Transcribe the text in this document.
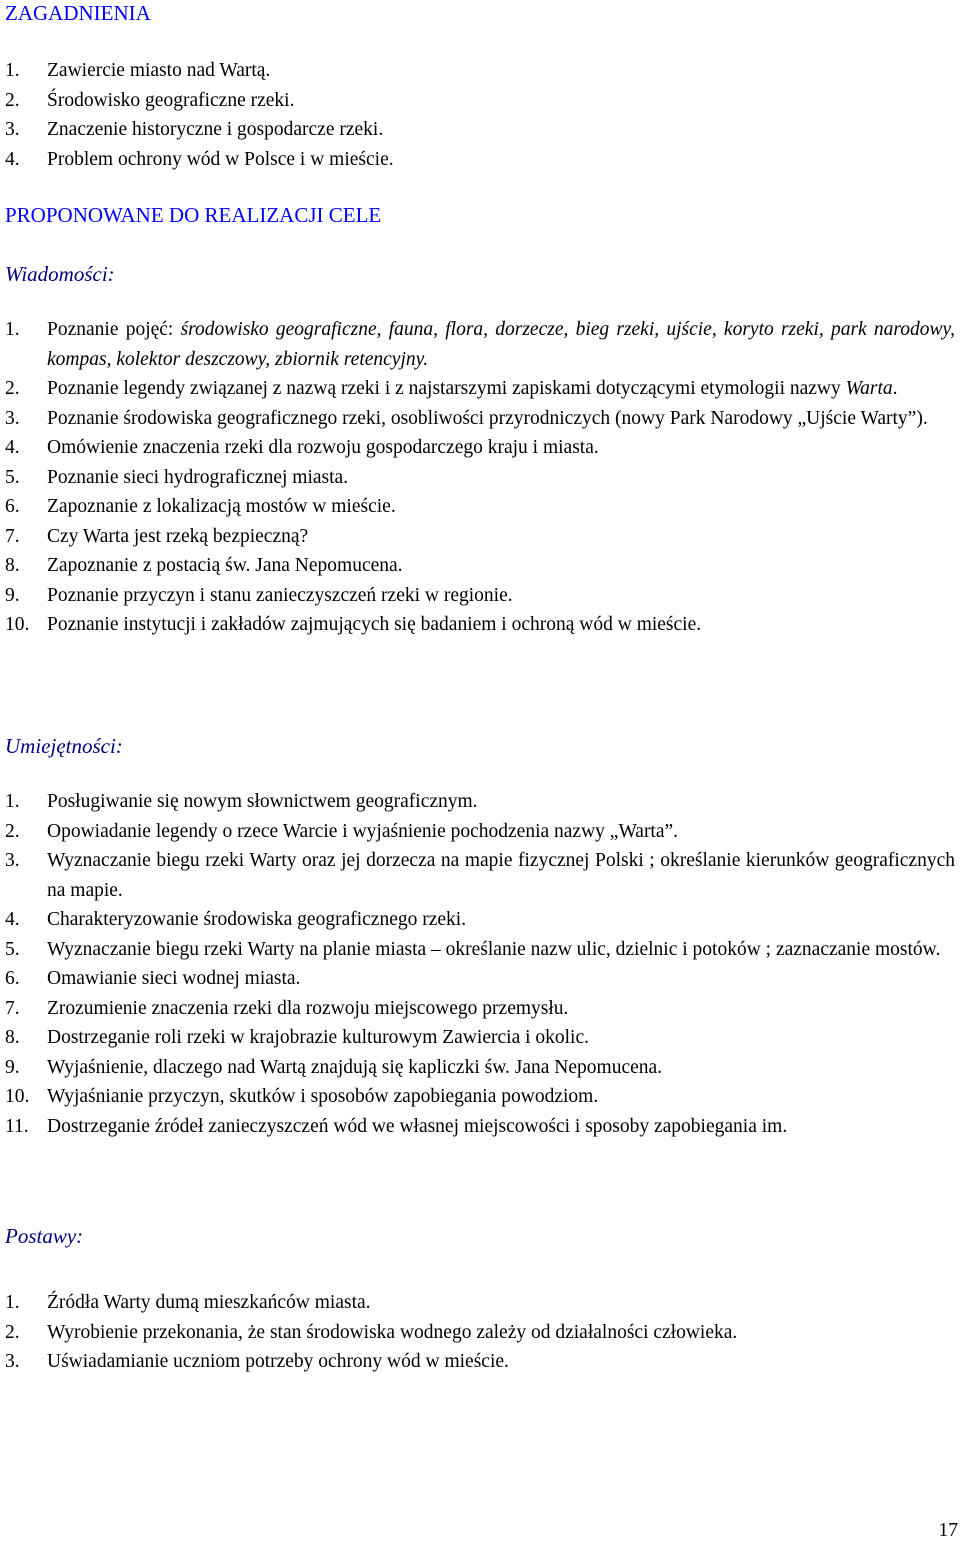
ZAGADNIENIA
1.	Zawiercie miasto nad Wartą.
2.	Środowisko geograficzne rzeki.
3.	Znaczenie historyczne i gospodarcze rzeki.
4.	Problem ochrony wód w Polsce i w mieście.
PROPONOWANE DO REALIZACJI CELE
Wiadomości:
1.	Poznanie pojęć: środowisko geograficzne, fauna, flora, dorzecze, bieg rzeki, ujście, koryto rzeki, park narodowy, kompas, kolektor deszczowy, zbiornik retencyjny.
2.	Poznanie legendy związanej z nazwą rzeki i z najstarszymi zapiskami dotyczącymi etymologii nazwy Warta.
3.	Poznanie środowiska geograficznego rzeki, osobliwości przyrodniczych (nowy Park Narodowy „Ujście Warty”).
4.	Omówienie znaczenia rzeki dla rozwoju gospodarczego kraju i miasta.
5.	Poznanie sieci hydrograficznej miasta.
6.	Zapoznanie z lokalizacją mostów w mieście.
7.	Czy Warta jest rzeką bezpieczną?
8.	Zapoznanie z postacią św. Jana Nepomucena.
9.	Poznanie przyczyn i stanu zanieczyszczeń rzeki w regionie.
10. Poznanie instytucji i zakładów zajmujących się badaniem i ochroną wód w mieście.
Umiejętności:
1.	Posługiwanie się nowym słownictwem geograficznym.
2.	Opowiadanie legendy o rzece Warcie i wyjaśnienie pochodzenia nazwy „Warta”.
3.	Wyznaczanie biegu rzeki Warty oraz jej dorzecza na mapie fizycznej Polski ; określanie kierunków geograficznych na mapie.
4.	Charakteryzowanie środowiska geograficznego rzeki.
5.	Wyznaczanie biegu rzeki Warty na planie miasta – określanie nazw ulic, dzielnic i potoków ; zaznaczanie mostów.
6.	Omawianie sieci wodnej miasta.
7.	Zrozumienie znaczenia rzeki dla rozwoju miejscowego przemysłu.
8.	Dostrzeganie roli rzeki w krajobrazie kulturowym Zawiercia i okolic.
9.	Wyjaśnienie, dlaczego nad Wartą znajdują się kapliczki św. Jana Nepomucena.
10. Wyjaśnianie przyczyn, skutków i sposobów zapobiegania powodziom.
11. Dostrzeganie źródeł zanieczyszczeń wód we własnej miejscowości i sposoby zapobiegania im.
Postawy:
1.	Źródła Warty dumą mieszkańców miasta.
2.	Wyrobienie przekonania, że stan środowiska wodnego zależy od działalności człowieka.
3.	Uświadamianie uczniom potrzeby ochrony wód w mieście.
17
